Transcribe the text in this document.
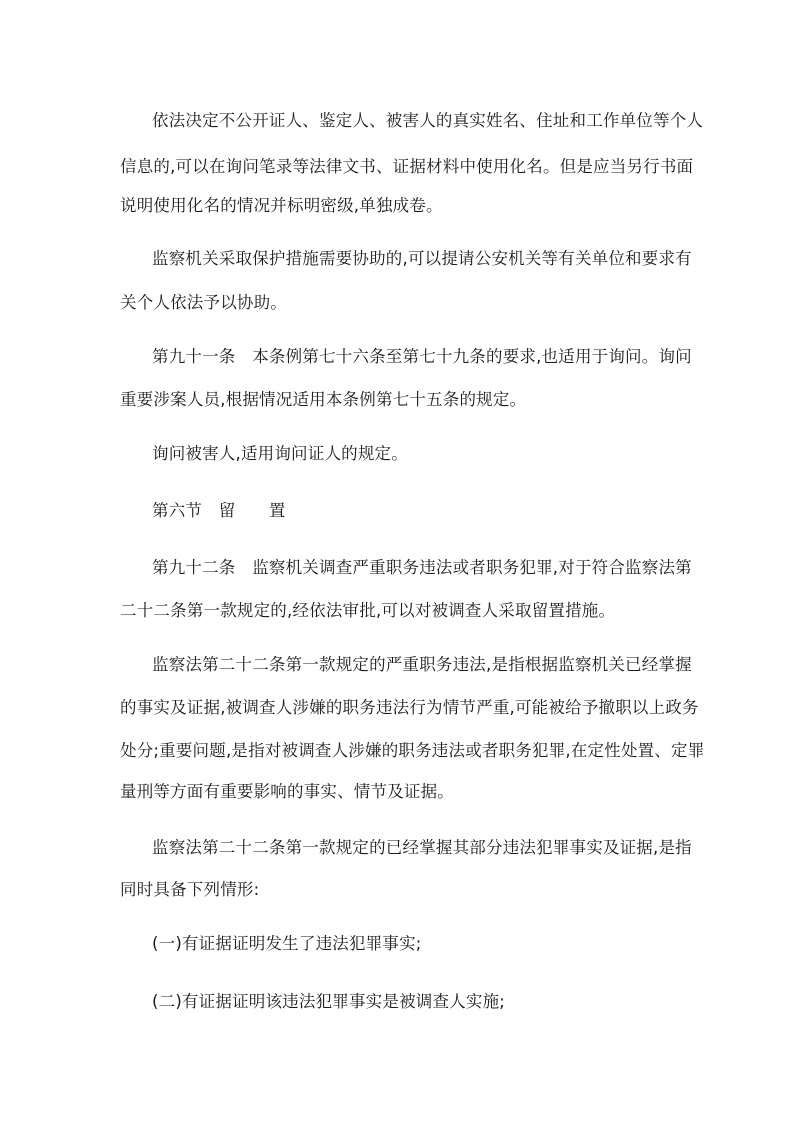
依法决定不公开证人、鉴定人、被害人的真实姓名、住址和工作单位等个人
信息的,可以在询问笔录等法律文书、证据材料中使用化名。但是应当另行书面
说明使用化名的情况并标明密级,单独成卷。
监察机关采取保护措施需要协助的,可以提请公安机关等有关单位和要求有
关个人依法予以协助。
第九十一条　本条例第七十六条至第七十九条的要求,也适用于询问。询问
重要涉案人员,根据情况适用本条例第七十五条的规定。
询问被害人,适用询问证人的规定。
第六节　留　　置
第九十二条　监察机关调查严重职务违法或者职务犯罪,对于符合监察法第
二十二条第一款规定的,经依法审批,可以对被调查人采取留置措施。
监察法第二十二条第一款规定的严重职务违法,是指根据监察机关已经掌握
的事实及证据,被调查人涉嫌的职务违法行为情节严重,可能被给予撤职以上政务
处分;重要问题,是指对被调查人涉嫌的职务违法或者职务犯罪,在定性处置、定罪
量刑等方面有重要影响的事实、情节及证据。
监察法第二十二条第一款规定的已经掌握其部分违法犯罪事实及证据,是指
同时具备下列情形:
(一)有证据证明发生了违法犯罪事实;
(二)有证据证明该违法犯罪事实是被调查人实施;
